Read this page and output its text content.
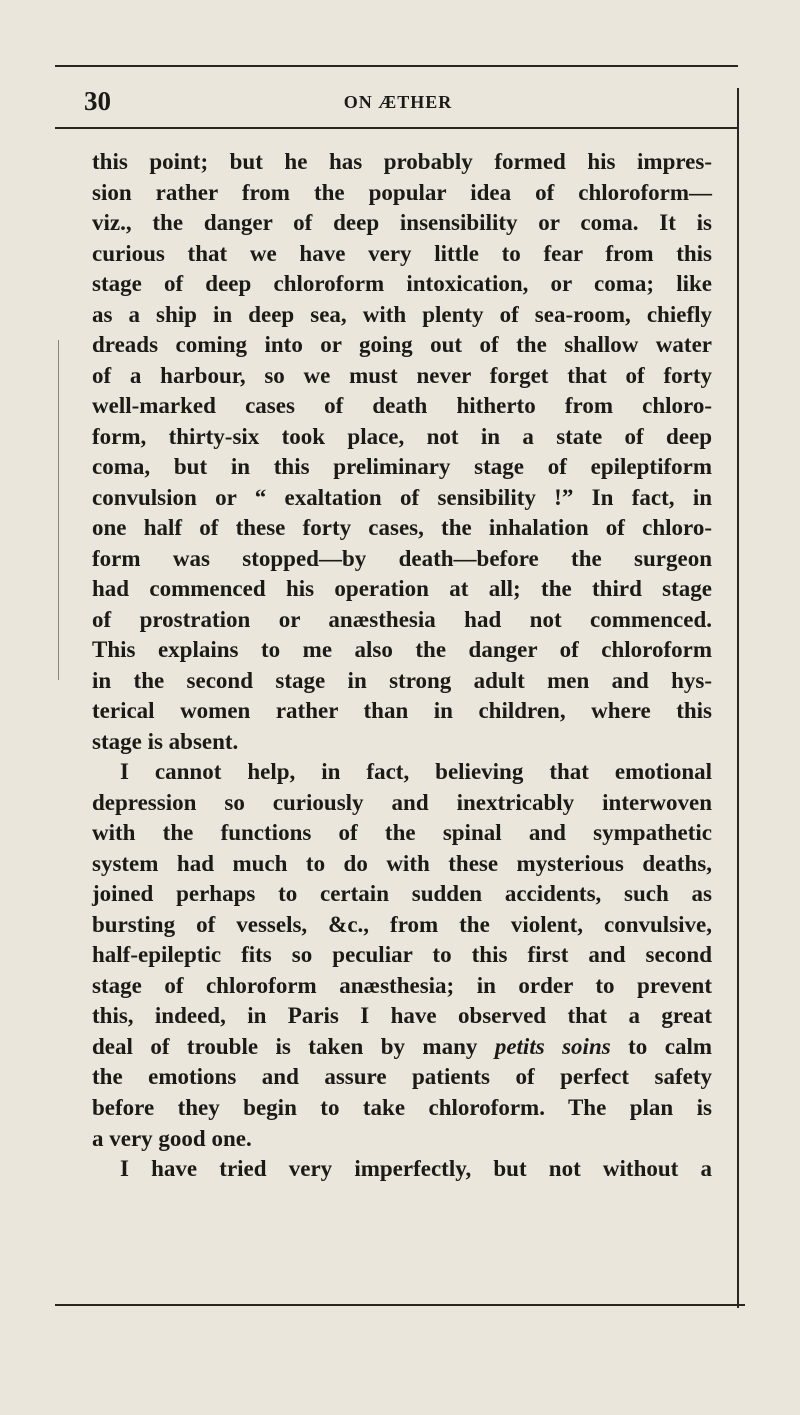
30	ON ÆTHER
this point; but he has probably formed his impres-
sion rather from the popular idea of chloroform—
viz., the danger of deep insensibility or coma. It is
curious that we have very little to fear from this
stage of deep chloroform intoxication, or coma; like
as a ship in deep sea, with plenty of sea-room, chiefly
dreads coming into or going out of the shallow water
of a harbour, so we must never forget that of forty
well-marked cases of death hitherto from chloro-
form, thirty-six took place, not in a state of deep
coma, but in this preliminary stage of epileptiform
convulsion or “ exaltation of sensibility !” In fact, in
one half of these forty cases, the inhalation of chloro-
form was stopped—by death—before the surgeon
had commenced his operation at all; the third stage
of prostration or anæsthesia had not commenced.
This explains to me also the danger of chloroform
in the second stage in strong adult men and hys-
terical women rather than in children, where this
stage is absent.
I cannot help, in fact, believing that emotional
depression so curiously and inextricably interwoven
with the functions of the spinal and sympathetic
system had much to do with these mysterious deaths,
joined perhaps to certain sudden accidents, such as
bursting of vessels, &c., from the violent, convulsive,
half-epileptic fits so peculiar to this first and second
stage of chloroform anæsthesia; in order to prevent
this, indeed, in Paris I have observed that a great
deal of trouble is taken by many petits soins to calm
the emotions and assure patients of perfect safety
before they begin to take chloroform. The plan is
a very good one.
I have tried very imperfectly, but not without a
